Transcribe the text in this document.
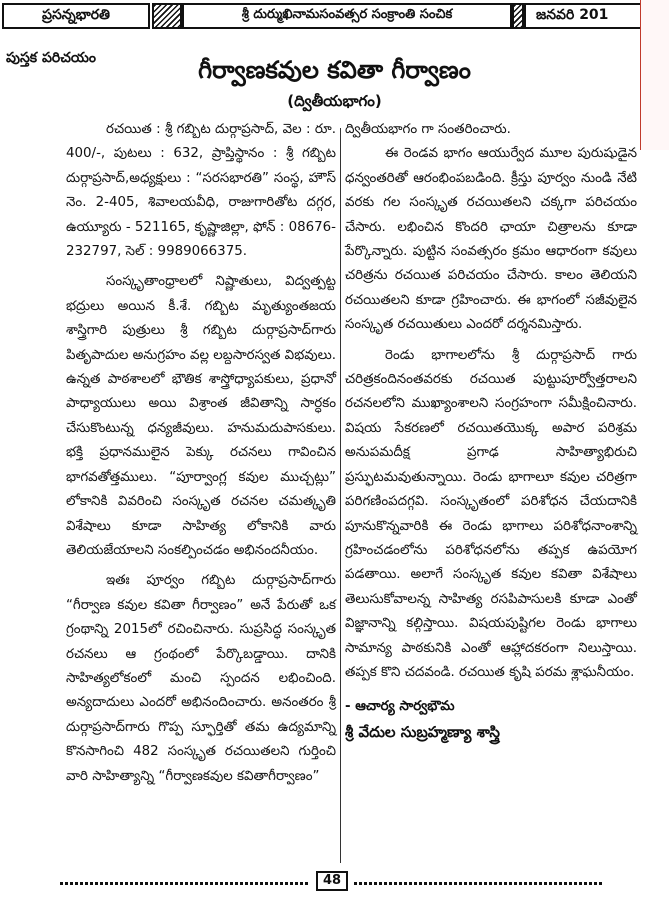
ప్రసన్నభారతి	శ్రీ దుర్ముఖినామసంవత్సర సంక్రాంతి సంచిక	జనవరి 201
పుస్తక పరిచయం	గీర్వాణకవుల కవితా గీర్వాణం
(ద్వితీయభాగం)

రచయిత : శ్రీ గబ్బిట దుర్గాప్రసాద్, వెల : రూ. 400/-, పుటలు : 632, ప్రాప్తిస్థానం : శ్రీ గబ్బిట దుర్గాప్రసాద్,అధ్యక్షులు : “సరసభారతి” సంస్థ, హౌస్ నెం. 2-405, శివాలయవీధి, రాజుగారితోట దగ్గర, ఉయ్యూరు - 521165, కృష్ణాజిల్లా, ఫోన్ : 08676-232797, సెల్ : 9989066375.

సంస్కృతాంధ్రాలలో నిష్ణాతులు, విద్వత్పట్ట భద్రులు అయిన కీ.శే. గబ్బిట మృత్యుంతజయ శాస్త్రిగారి పుత్రులు శ్రీ గబ్బిట దుర్గాప్రసాద్‌గారు పితృపాదుల అనుగ్రహం వల్ల లబ్దసారస్వత విభవులు. ఉన్నత పాఠశాలలో భౌతిక శాస్త్రోధ్యాపకులు, ప్రధానో పాధ్యాయులు అయి విశ్రాంత జీవితాన్ని సార్ధకం చేసుకొంటున్న ధన్యజీవులు. హనుమదుపాసకులు. భక్తి ప్రధానములైన పెక్కు రచనలు గావించిన భాగవతోత్తములు. “పూర్వాంగ్ల కవుల ముచ్చట్లు” లోకానికి వివరించి సంస్కృత రచనల చమత్కృతి విశేషాలు కూడా సాహిత్య లోకానికి వారు తెలియజేయాలని సంకల్పించడం అభినందనీయం.

ఇతః పూర్వం గబ్బిట దుర్గాప్రసాద్‌గారు “గీర్వాణ కవుల కవితా గీర్వాణం” అనే పేరుతో ఒక గ్రంథాన్ని 2015లో రచించినారు. సుప్రసిద్ధ సంస్కృత రచనలు ఆ గ్రంథంలో పేర్కొబడ్డాయి. దానికి సాహిత్యలోకంలో మంచి స్పందన లభించింది. అన్యదాదులు ఎందరో అభినందించారు. అనంతరం శ్రీ దుర్గాప్రసాద్‌గారు గొప్ప స్ఫూర్తితో తమ ఉద్యమాన్ని కొనసాగించి 482 సంస్కృత రచయితలని గుర్తించి వారి సాహిత్యాన్ని “గీర్వాణకవుల కవితాగీర్వాణం”

ద్వితీయభాగం గా సంతరించారు.

ఈ రెండవ భాగం ఆయుర్వేద మూల పురుషుడైన ధన్వంతరితో ఆరంభింపబడింది. క్రీస్తు పూర్వం నుండి నేటి వరకు గల సంస్కృత రచయితలని చక్కగా పరిచయం చేసారు. లభించిన కొందరి ఛాయా చిత్రాలను కూడా పేర్కొన్నారు. పుట్టిన సంవత్సరం క్రమం ఆధారంగా కవులు చరిత్రను రచయిత పరిచయం చేసారు. కాలం తెలియని రచయితలని కూడా గ్రహించారు. ఈ భాగంలో సజీవులైన సంస్కృత రచయితులు ఎందరో దర్శనమిస్తారు.

రెండు భాగాలలోను శ్రీ దుర్గాప్రసాద్ గారు చరిత్రకందినంతవరకు రచయిత పుట్టుపూర్వోత్తరాలని రచనలలోని ముఖ్యాంశాలని సంగ్రహంగా సమీక్షించినారు. విషయ సేకరణలో రచయితయొక్క అపార పరిశ్రమ అనుపమదీక్ష ప్రగాఢ సాహిత్యాభిరుచి ప్రస్ఫుటమవుతున్నాయి. రెండు భాగాలూ కవుల చరిత్రగా పరిగణింపదగ్గవి. సంస్కృతంలో పరిశోధన చేయదానికి పూనుకొన్నవారికి ఈ రెండు భాగాలు పరిశోధనాంశాన్ని గ్రహించడంలోను పరిశోధనలోను తప్పక ఉపయోగ పడతాయి. అలాగే సంస్కృత కవుల కవితా విశేషాలు తెలుసుకోవాలన్న సాహిత్య రసపిపాసులకి కూడా ఎంతో విజ్ఞానాన్ని కల్గిస్తాయి. విషయపుష్టిగల రెండు భాగాలు సామాన్య పాఠకునికి ఎంతో ఆహ్లాదకరంగా నిలుస్తాయి. తప్పక కొని చదవండి. రచయిత కృషి పరమ శ్లాఘనీయం.

- ఆచార్య సార్వభౌమ

శ్రీ వేదుల సుబ్రహ్మణ్యా శాస్త్రి

48
